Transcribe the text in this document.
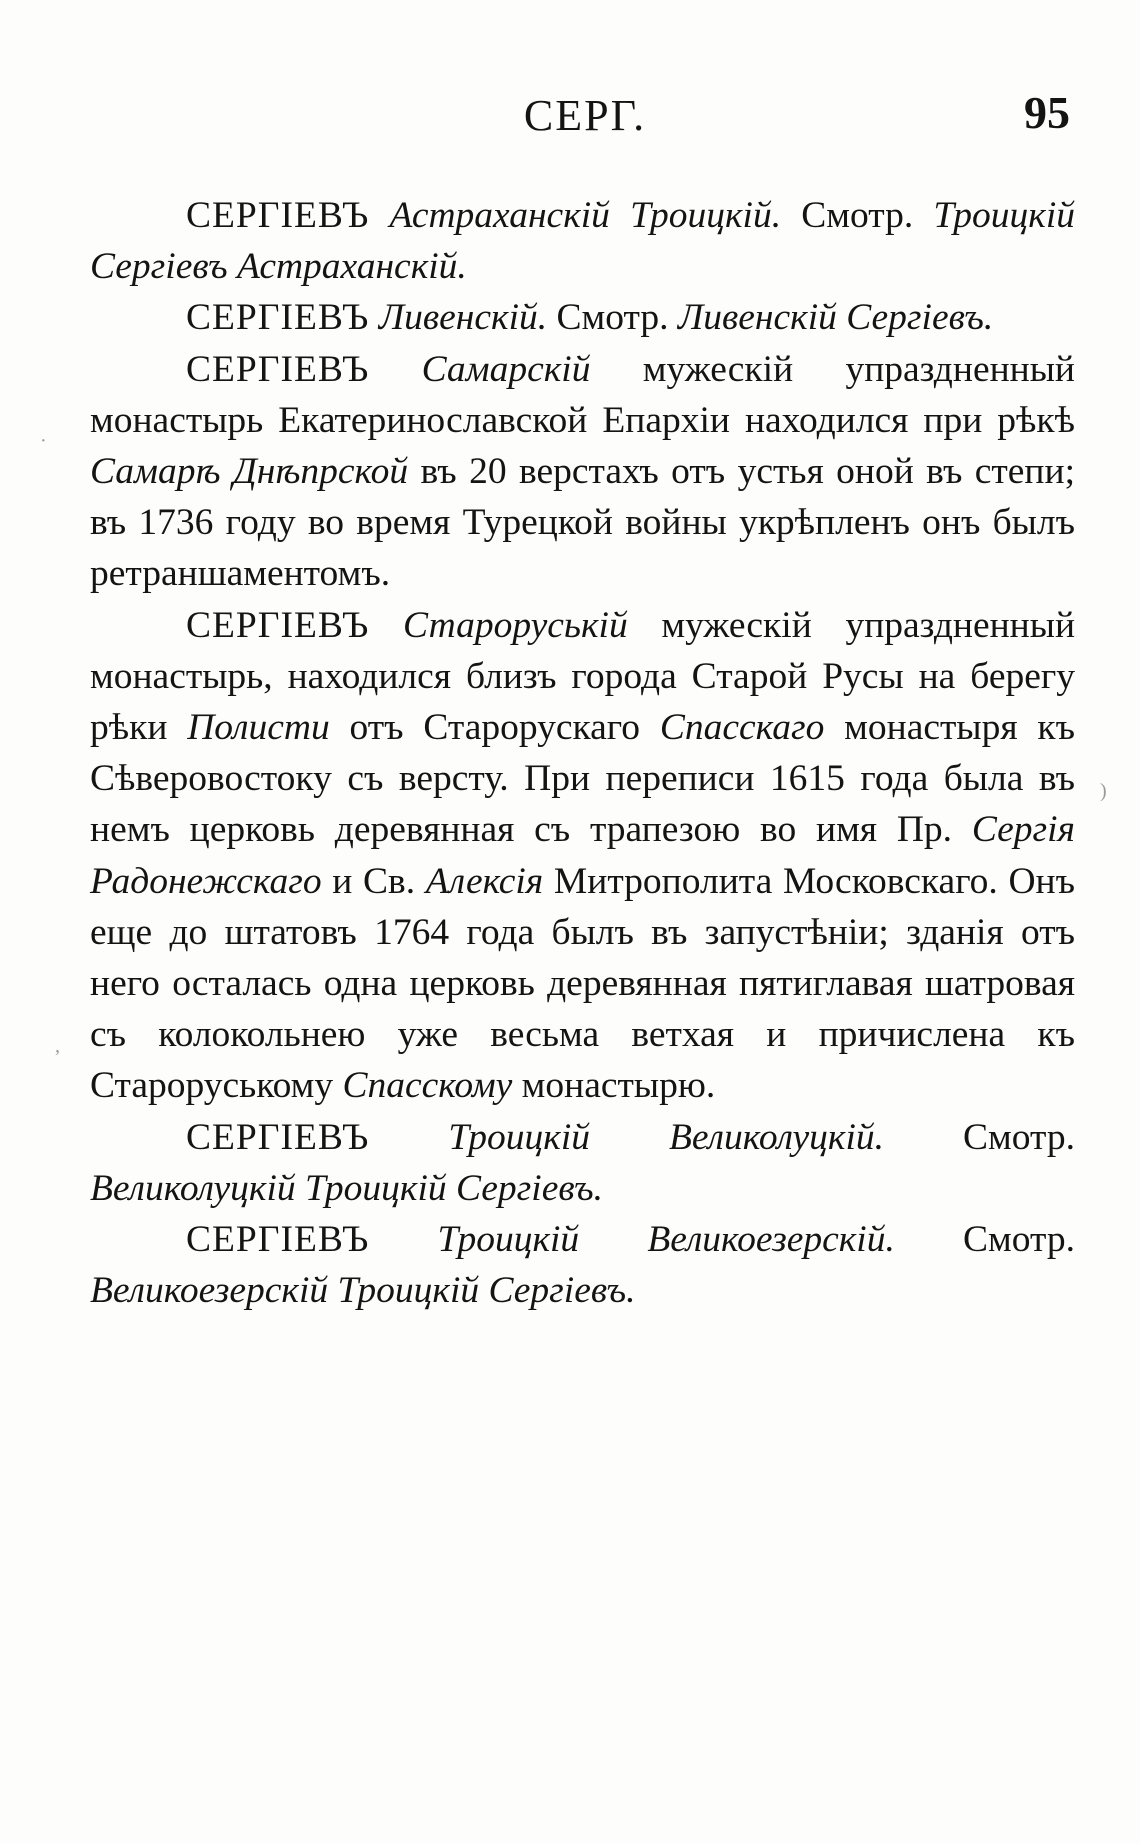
СЕРГ.	95

СЕРГІЕВЪ Астраханскій Троицкій. Смотр. Троицкій Сергіевъ Астраханскій.

СЕРГІЕВЪ Ливенскій. Смотр. Ливенскій Сергіевъ.

СЕРГІЕВЪ Самарскій мужескій упраздненный монастырь Екатеринославской Епархіи находился при рѣкѣ Самарѣ Днѣпрской въ 20 верстахъ отъ устья оной въ степи; въ 1736 году во время Турецкой войны укрѣпленъ онъ былъ ретраншаментомъ.

СЕРГІЕВЪ Староруській мужескій упраздненный монастырь, находился близъ города Старой Русы на берегу рѣки Полисти отъ Старорускаго Спасскаго монастыря къ Сѣверовостоку съ версту. При переписи 1615 года была въ немъ церковь деревянная съ трапезою во имя Пр. Сергія Радонежскаго и Св. Алексія Митрополита Московскаго. Онъ еще до штатовъ 1764 года былъ въ запустѣніи; зданія отъ него осталась одна церковь деревянная пятиглавая шатровая съ колокольнею уже весьма ветхая и причислена къ Староруському Спасскому монастырю.

СЕРГІЕВЪ Троицкій Великолуцкій. Смотр. Великолуцкій Троицкій Сергіевъ.

СЕРГІЕВЪ Троицкій Великоезерскій. Смотр. Великоезерскій Троицкій Сергіевъ.

·
)
,
